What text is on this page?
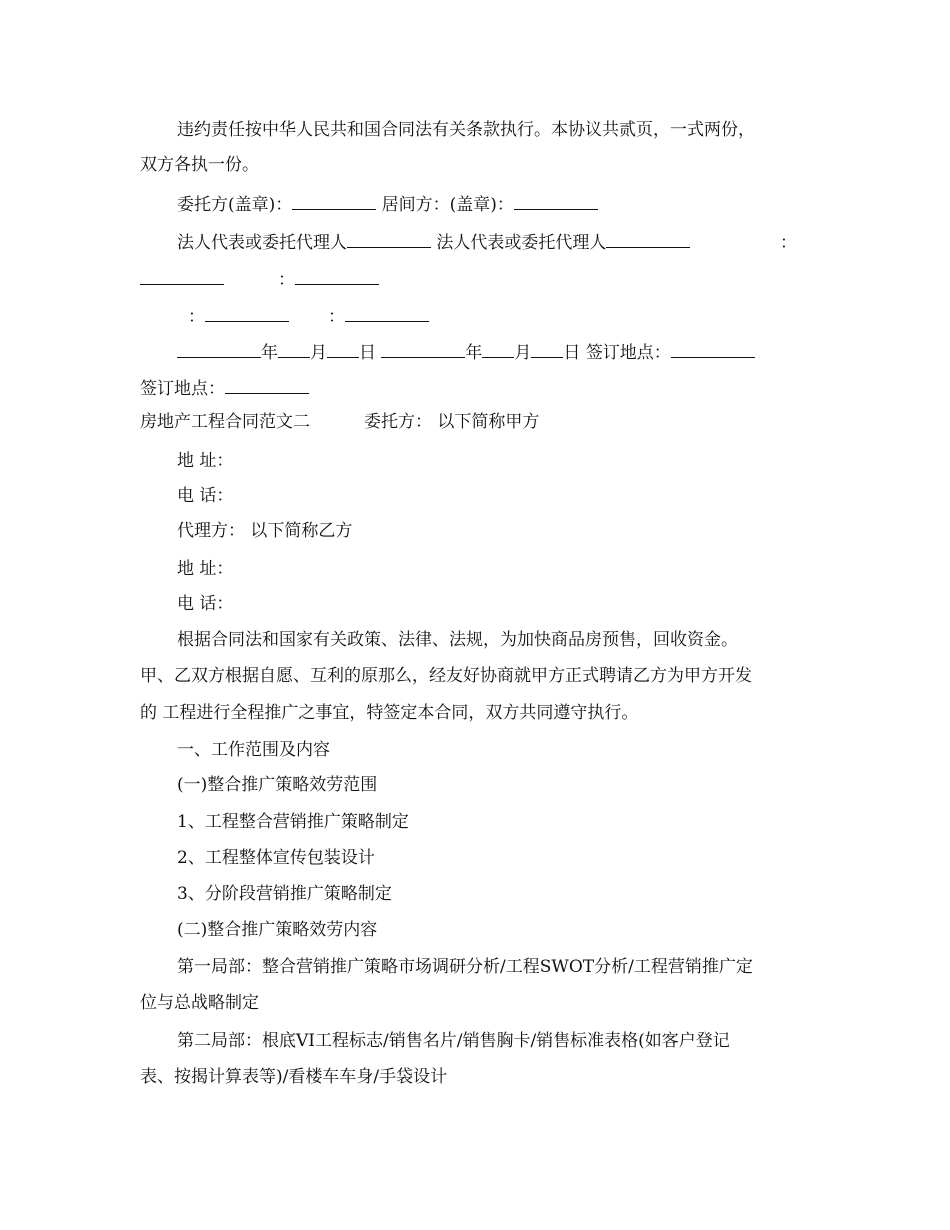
违约责任按中华人民共和国合同法有关条款执行。本协议共贰页，一式两份，
双方各执一份。
委托方(盖章)：	居间方：(盖章)：
法人代表或委托代理人	法人代表或委托代理人	：
：
：	：
年 月 日	年 月 日 签订地点：
签订地点：
房地产工程合同范文二	委托方： 以下简称甲方
地 址：
电 话：
代理方： 以下简称乙方
地 址：
电 话：
根据合同法和国家有关政策、法律、法规，为加快商品房预售，回收资金。
甲、乙双方根据自愿、互利的原那么，经友好协商就甲方正式聘请乙方为甲方开发
的 工程进行全程推广之事宜，特签定本合同，双方共同遵守执行。
一、工作范围及内容
(一)整合推广策略效劳范围
1、工程整合营销推广策略制定
2、工程整体宣传包装设计
3、分阶段营销推广策略制定
(二)整合推广策略效劳内容
第一局部：整合营销推广策略市场调研分析/工程SWOT分析/工程营销推广定
位与总战略制定
第二局部：根底VI工程标志/销售名片/销售胸卡/销售标准表格(如客户登记
表、按揭计算表等)/看楼车车身/手袋设计
